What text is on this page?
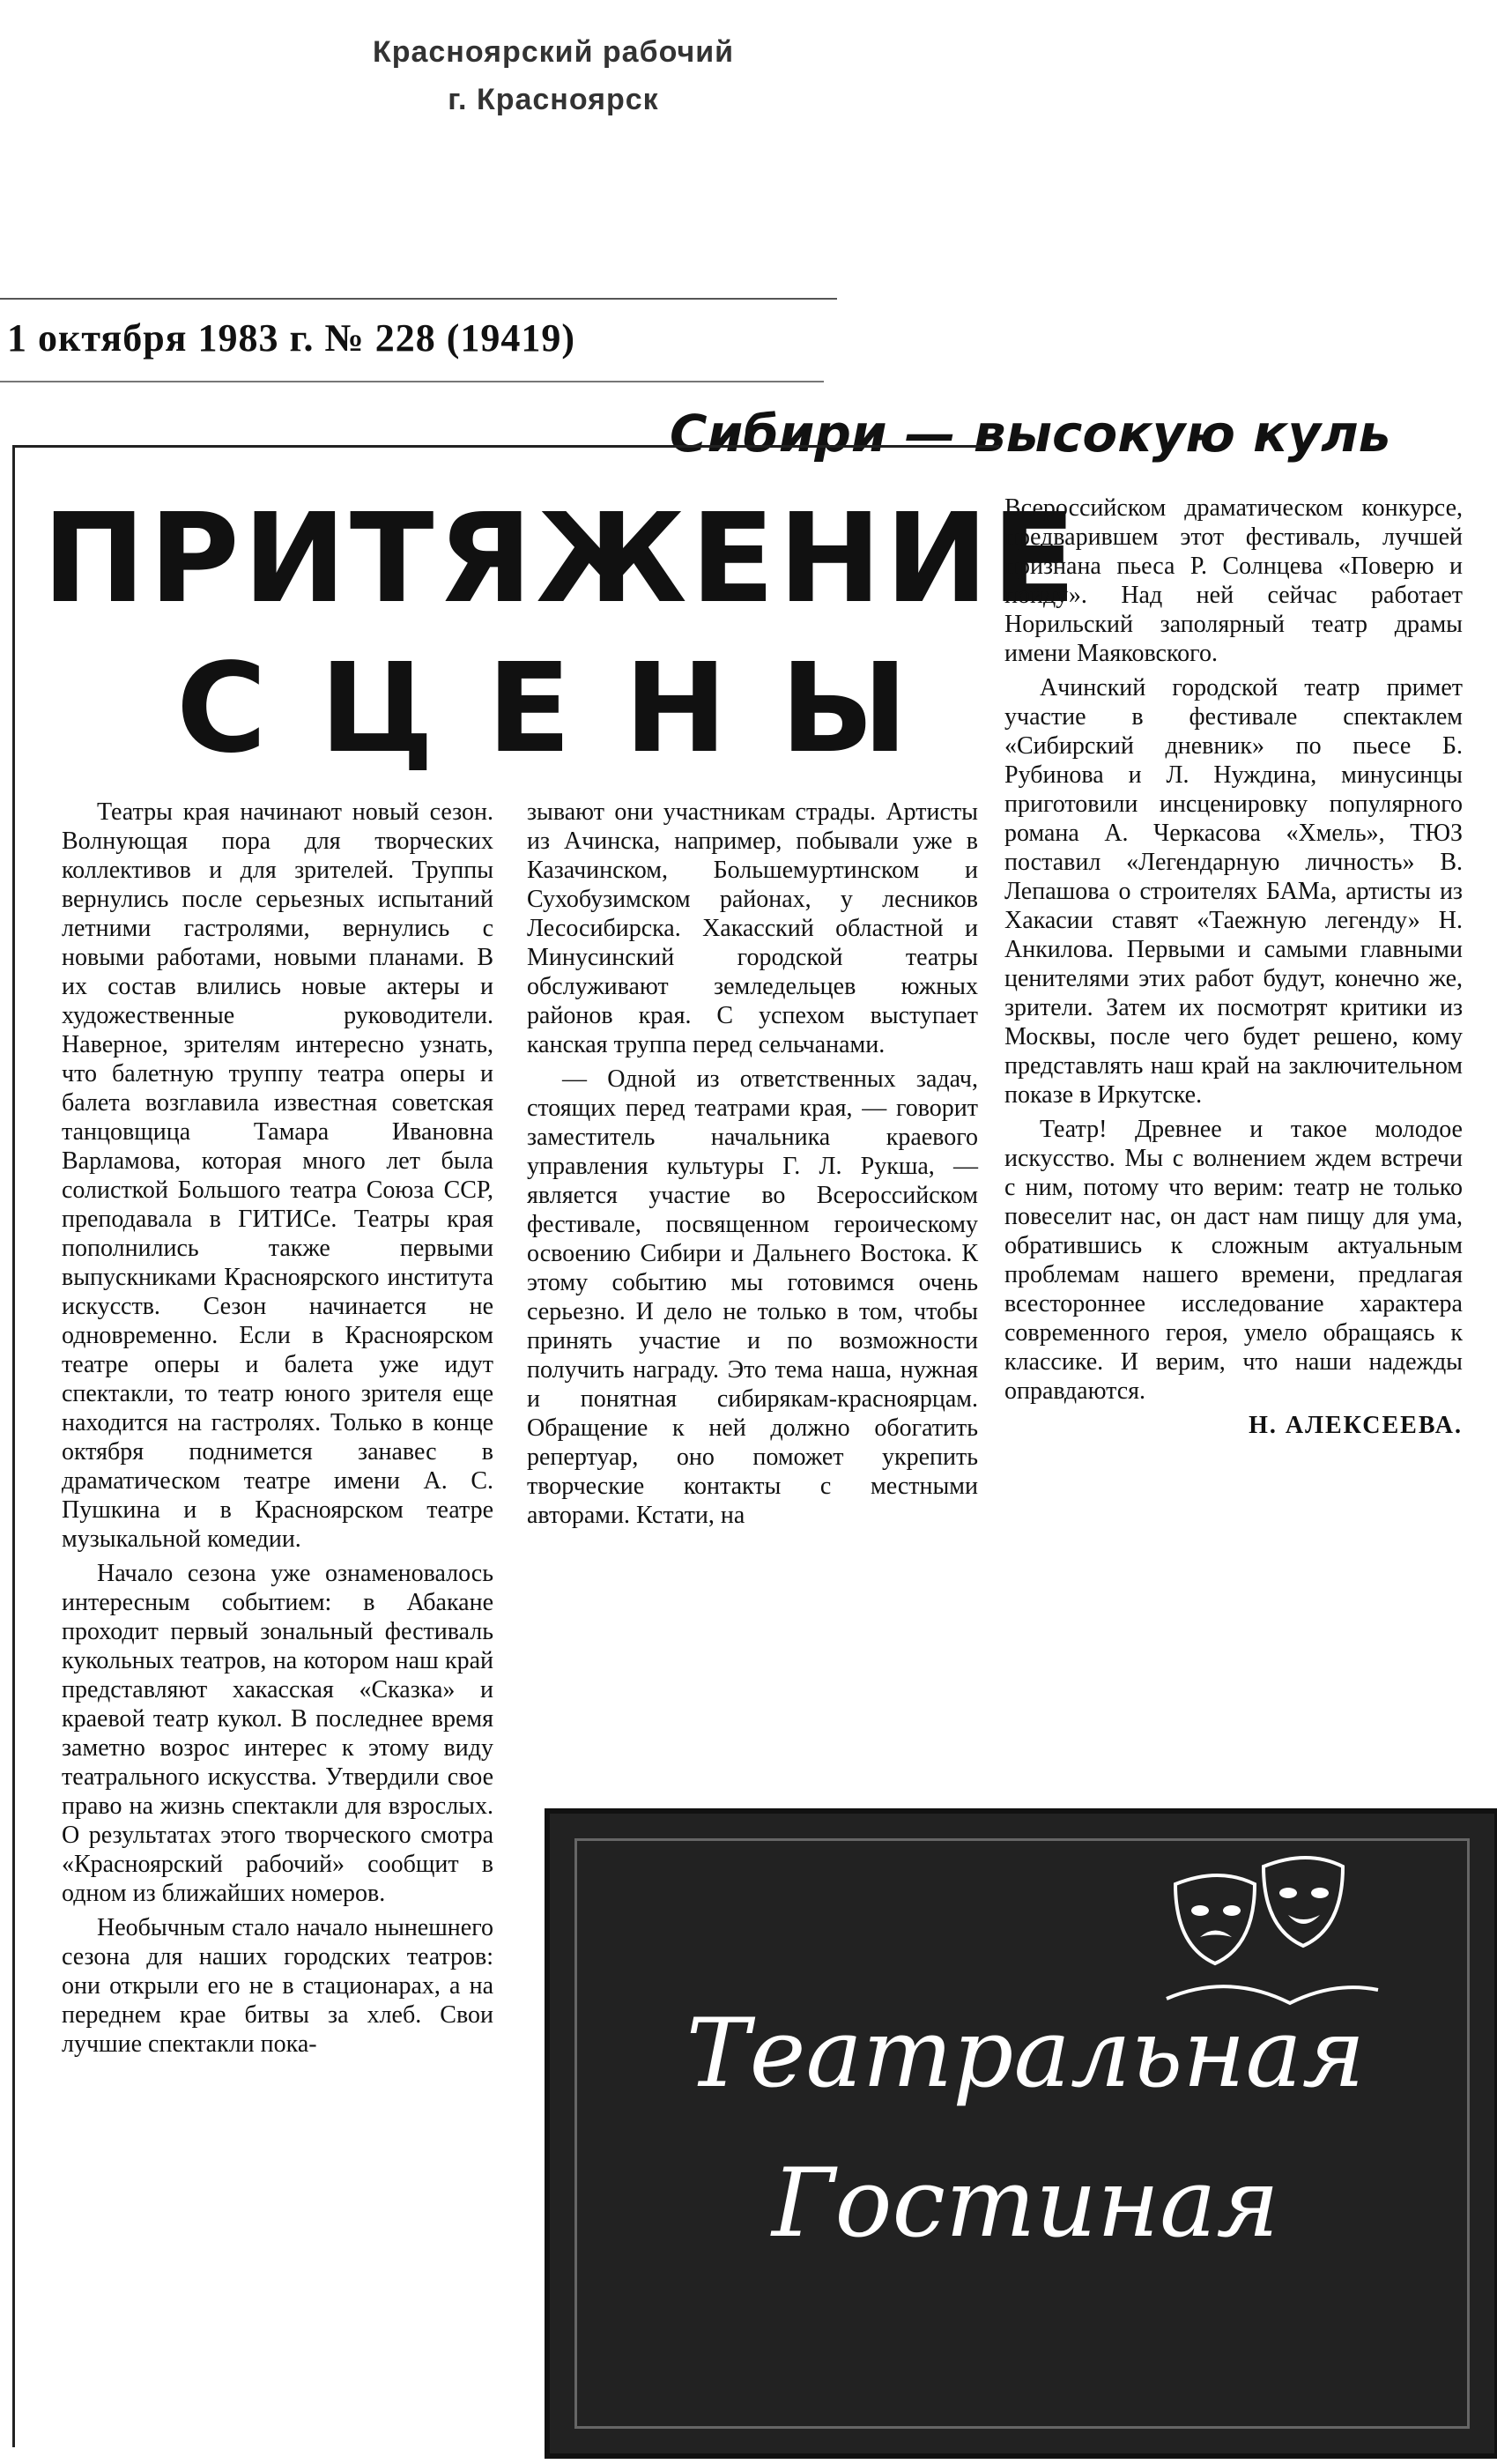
Красноярский рабочий
г. Красноярск
1 октября 1983 г. № 228 (19419)
Сибири — высокую куль
ПРИТЯЖЕНИЕ
СЦЕНЫ

Театры края начинают новый сезон. Волнующая пора для творческих коллективов и для зрителей. Труппы вернулись после серьезных испытаний летними гастролями, вернулись с новыми работами, новыми планами. В их состав влились новые актеры и художественные руководители. Наверное, зрителям интересно узнать, что балетную труппу театра оперы и балета возглавила известная советская танцовщица Тамара Ивановна Варламова, которая много лет была солисткой Большого театра Союза ССР, преподавала в ГИТИСе. Театры края пополнились также первыми выпускниками Красноярского института искусств. Сезон начинается не одновременно. Если в Красноярском театре оперы и балета уже идут спектакли, то театр юного зрителя еще находится на гастролях. Только в конце октября поднимется занавес в драматическом театре имени А. С. Пушкина и в Красноярском театре музыкальной комедии.

Начало сезона уже ознаменовалось интересным событием: в Абакане проходит первый зональный фестиваль кукольных театров, на котором наш край представляют хакасская «Сказка» и краевой театр кукол. В последнее время заметно возрос интерес к этому виду театрального искусства. Утвердили свое право на жизнь спектакли для взрослых. О результатах этого творческого смотра «Красноярский рабочий» сообщит в одном из ближайших номеров.

Необычным стало начало нынешнего сезона для наших городских театров: они открыли его не в стационарах, а на переднем крае битвы за хлеб. Свои лучшие спектакли пока-

зывают они участникам страды. Артисты из Ачинска, например, побывали уже в Казачинском, Большемуртинском и Сухобузимском районах, у лесников Лесосибирска. Хакасский областной и Минусинский городской театры обслуживают земледельцев южных районов края. С успехом выступает канская труппа перед сельчанами.

— Одной из ответственных задач, стоящих перед театрами края, — говорит заместитель начальника краевого управления культуры Г. Л. Рукша, — является участие во Всероссийском фестивале, посвященном героическому освоению Сибири и Дальнего Востока. К этому событию мы готовимся очень серьезно. И дело не только в том, чтобы принять участие и по возможности получить награду. Это тема наша, нужная и понятная сибирякам-красноярцам. Обращение к ней должно обогатить репертуар, оно поможет укрепить творческие контакты с местными авторами. Кстати, на

Всероссийском драматическом конкурсе, предварившем этот фестиваль, лучшей признана пьеса Р. Солнцева «Поверю и пойду». Над ней сейчас работает Норильский заполярный театр драмы имени Маяковского.

Ачинский городской театр примет участие в фестивале спектаклем «Сибирский дневник» по пьесе Б. Рубинова и Л. Нуждина, минусинцы приготовили инсценировку популярного романа А. Черкасова «Хмель», ТЮЗ поставил «Легендарную личность» В. Лепашова о строителях БАМа, артисты из Хакасии ставят «Таежную легенду» Н. Анкилова. Первыми и самыми главными ценителями этих работ будут, конечно же, зрители. Затем их посмотрят критики из Москвы, после чего будет решено, кому представлять наш край на заключительном показе в Иркутске.

Театр! Древнее и такое молодое искусство. Мы с волнением ждем встречи с ним, потому что верим: театр не только повеселит нас, он даст нам пищу для ума, обратившись к сложным актуальным проблемам нашего времени, предлагая всестороннее исследование характера современного героя, умело обращаясь к классике. И верим, что наши надежды оправдаются.

Н. АЛЕКСЕЕВА.
Театральная
Гостиная
